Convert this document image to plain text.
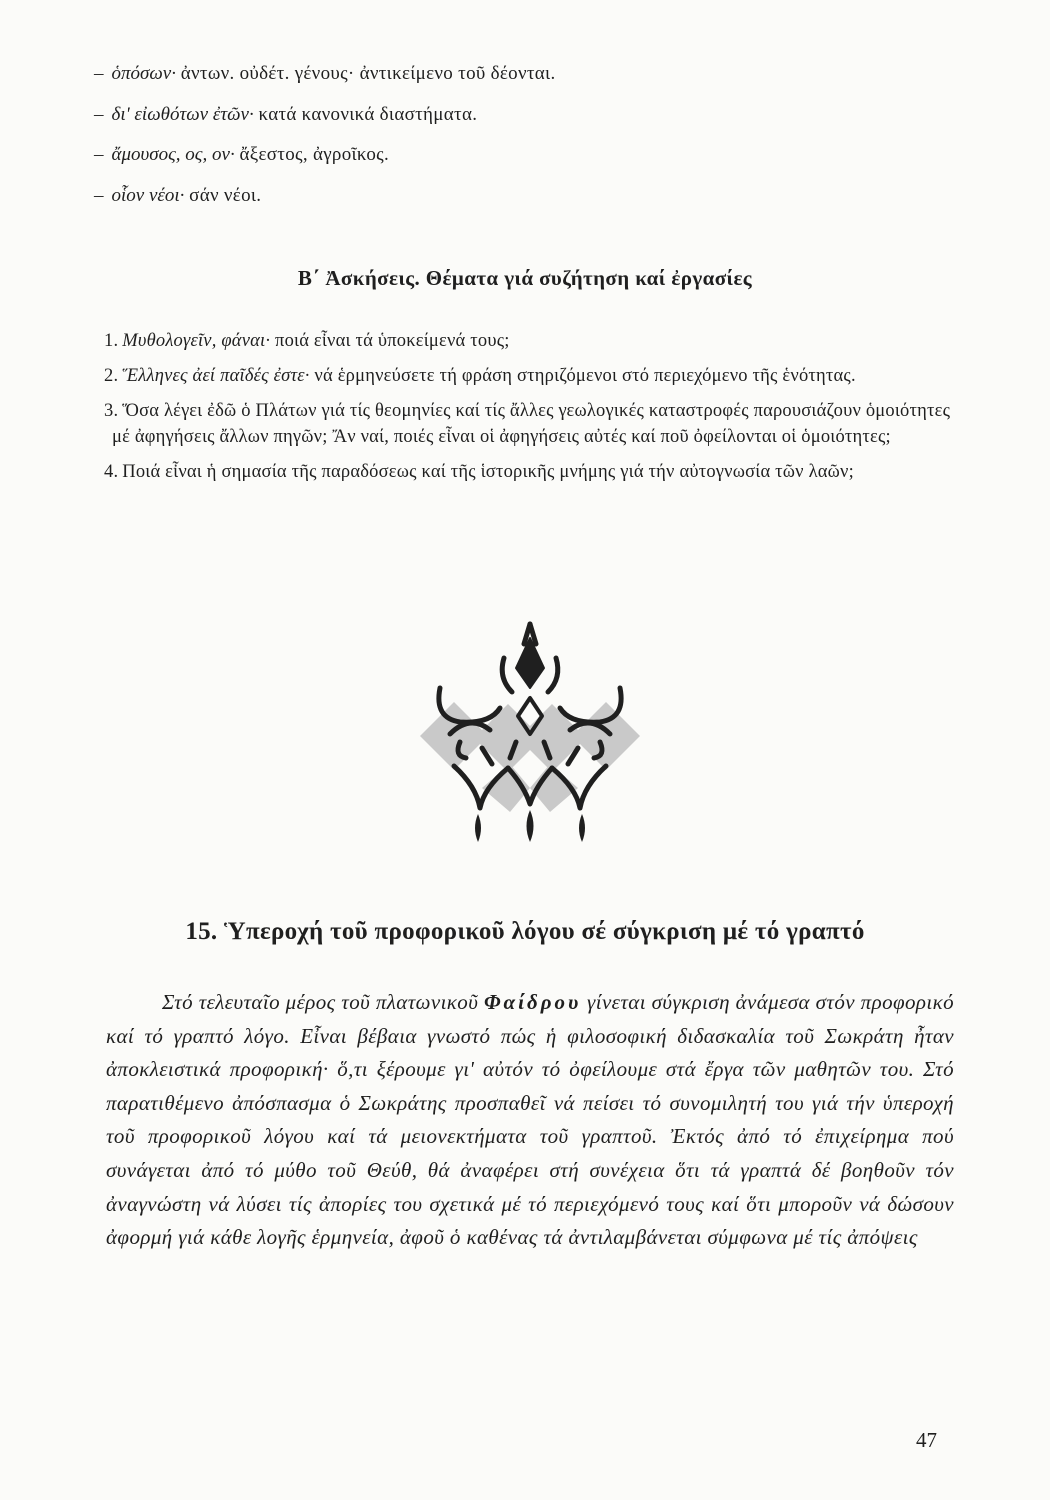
– ὁπόσων· ἀντων. οὐδέτ. γένους· ἀντικείμενο τοῦ δέονται.
– δι' εἰωθότων ἐτῶν· κατά κανονικά διαστήματα.
– ἄμουσος, ος, ον· ἄξεστος, ἀγροῖκος.
– οἷον νέοι· σάν νέοι.
Β΄ Ἀσκήσεις. Θέματα γιά συζήτηση καί ἐργασίες
1. Μυθολογεῖν, φάναι· ποιά εἶναι τά ὑποκείμενά τους;
2. Ἕλληνες ἀεί παῖδές ἐστε· νά ἑρμηνεύσετε τή φράση στηριζόμενοι στό περιεχόμενο τῆς ἑνότητας.
3. Ὅσα λέγει ἐδῶ ὁ Πλάτων γιά τίς θεομηνίες καί τίς ἄλλες γεωλογικές καταστροφές παρουσιάζουν ὁμοιότητες μέ ἀφηγήσεις ἄλλων πηγῶν; Ἄν ναί, ποιές εἶναι οἱ ἀφηγήσεις αὐτές καί ποῦ ὀφείλονται οἱ ὁμοιότητες;
4. Ποιά εἶναι ἡ σημασία τῆς παραδόσεως καί τῆς ἱστορικῆς μνήμης γιά τήν αὐτογνωσία τῶν λαῶν;
15. Ὑπεροχή τοῦ προφορικοῦ λόγου σέ σύγκριση μέ τό γραπτό

Στό τελευταῖο μέρος τοῦ πλατωνικοῦ Φαίδρου γίνεται σύγκριση ἀνάμεσα στόν προφορικό καί τό γραπτό λόγο. Εἶναι βέβαια γνωστό πώς ἡ φιλοσοφική διδασκαλία τοῦ Σωκράτη ἦταν ἀποκλειστικά προφορική· ὅ,τι ξέρουμε γι' αὐτόν τό ὀφείλουμε στά ἔργα τῶν μαθητῶν του. Στό παρατιθέμενο ἀπόσπασμα ὁ Σωκράτης προσπαθεῖ νά πείσει τό συνομιλητή του γιά τήν ὑπεροχή τοῦ προφορικοῦ λόγου καί τά μειονεκτήματα τοῦ γραπτοῦ. Ἐκτός ἀπό τό ἐπιχείρημα πού συνάγεται ἀπό τό μύθο τοῦ Θεύθ, θά ἀναφέρει στή συνέχεια ὅτι τά γραπτά δέ βοηθοῦν τόν ἀναγνώστη νά λύσει τίς ἀπορίες του σχετικά μέ τό περιεχόμενό τους καί ὅτι μποροῦν νά δώσουν ἀφορμή γιά κάθε λογῆς ἑρμηνεία, ἀφοῦ ὁ καθένας τά ἀντιλαμβάνεται σύμφωνα μέ τίς ἀπόψεις

47
